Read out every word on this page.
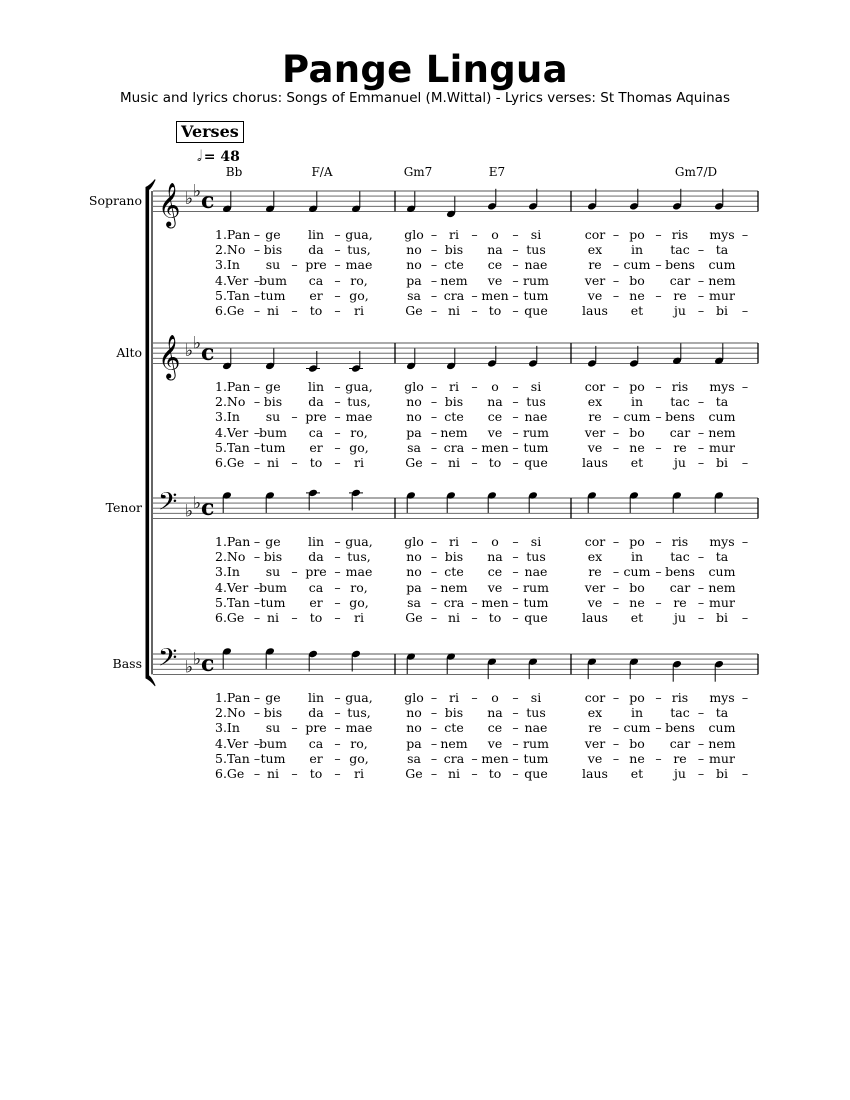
Pange Lingua
Music and lyrics chorus: Songs of Emmanuel (M.Wittal) - Lyrics verses: St Thomas Aquinas
Verses
𝅗𝅥 = 48
Bb	F/A	Gm7	E7	Gm7/D
Soprano
Alto
Tenor
Bass
𝄞 ♭ ♭ c
𝄞 ♭ ♭ c
𝄢 ♭ ♭ c
𝄢 ♭ ♭ c
1.Pan – ge lin – gua,	glo – ri – o – si	cor – po – ris mys –
2.No – bis da – tus,	no – bis na – tus	ex in tac – ta
3.In su – pre – mae	no – cte ce – nae	re – cum – bens cum
4.Ver –
bum ca – ro,	pa – nem ve – rum	ver – bo car – nem
5.Tan – tum er – go,	sa – cra – men – tum	ve – ne – re – mur
6.Ge – ni – to – ri	Ge – ni – to – que	laus et ju – bi –
1.Pan – ge lin – gua,	glo – ri – o – si	cor – po – ris mys –
2.No – bis da – tus,	no – bis na – tus	ex in tac – ta
3.In su – pre – mae	no – cte ce – nae	re – cum – bens cum
4.Ver –
bum ca – ro,	pa – nem ve – rum	ver – bo car – nem
5.Tan – tum er – go,	sa – cra – men – tum	ve – ne – re – mur
6.Ge – ni – to – ri	Ge – ni – to – que	laus et ju – bi –
1.Pan – ge lin – gua,	glo – ri – o – si	cor – po – ris mys –
2.No – bis da – tus,	no – bis na – tus	ex in tac – ta
3.In su – pre – mae	no – cte ce – nae	re – cum – bens cum
4.Ver –
bum ca – ro,	pa – nem ve – rum	ver – bo car – nem
5.Tan – tum er – go,	sa – cra – men – tum	ve – ne – re – mur
6.Ge – ni – to – ri	Ge – ni – to – que	laus et ju – bi –
1.Pan – ge lin – gua,	glo – ri – o – si	cor – po – ris mys –
2.No – bis da – tus,	no – bis na – tus	ex in tac – ta
3.In su – pre – mae	no – cte ce – nae	re – cum – bens cum
4.Ver –
bum ca – ro,	pa – nem ve – rum	ver – bo car – nem
5.Tan – tum er – go,	sa – cra – men – tum	ve – ne – re – mur
6.Ge – ni – to – ri	Ge – ni – to – que	laus et ju – bi –
